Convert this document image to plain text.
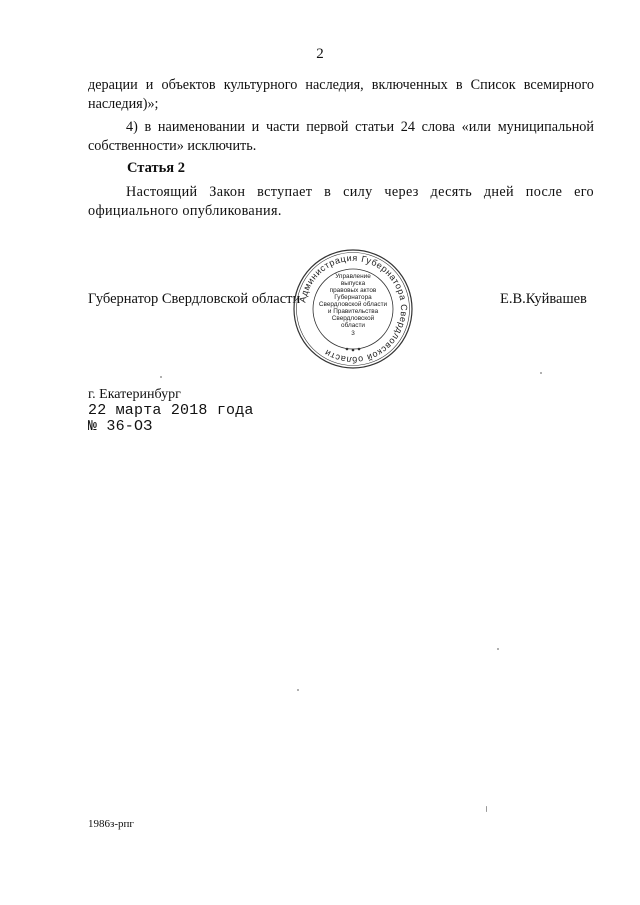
2
дерации и объектов культурного наследия, включенных в Список всемирного наследия)»;
4) в наименовании и части первой статьи 24 слова «или муниципальной собственности» исключить.
Статья 2
Настоящий Закон вступает в силу через десять дней после его официального опубликования.
Губернатор Свердловской области	Е.В.Куйвашев
Администрация Губернатора Свердловской области
Управление
выпуска
правовых актов
Губернатора
Свердловской области
и Правительства
Свердловской
области
3
г. Екатеринбург
22 марта 2018 года
№ 36-ОЗ
1986з-рпг
